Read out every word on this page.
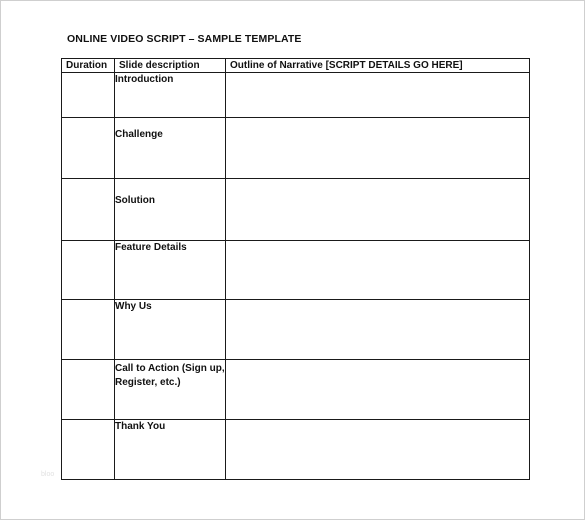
ONLINE VIDEO SCRIPT – SAMPLE TEMPLATE
Duration	Slide description	Outline of Narrative [SCRIPT DETAILS GO HERE]
	Introduction	
	Challenge	
	Solution	
	Feature Details	
	Why Us	
	Call to Action (Sign up, Register, etc.)	
	Thank You	
bloo
